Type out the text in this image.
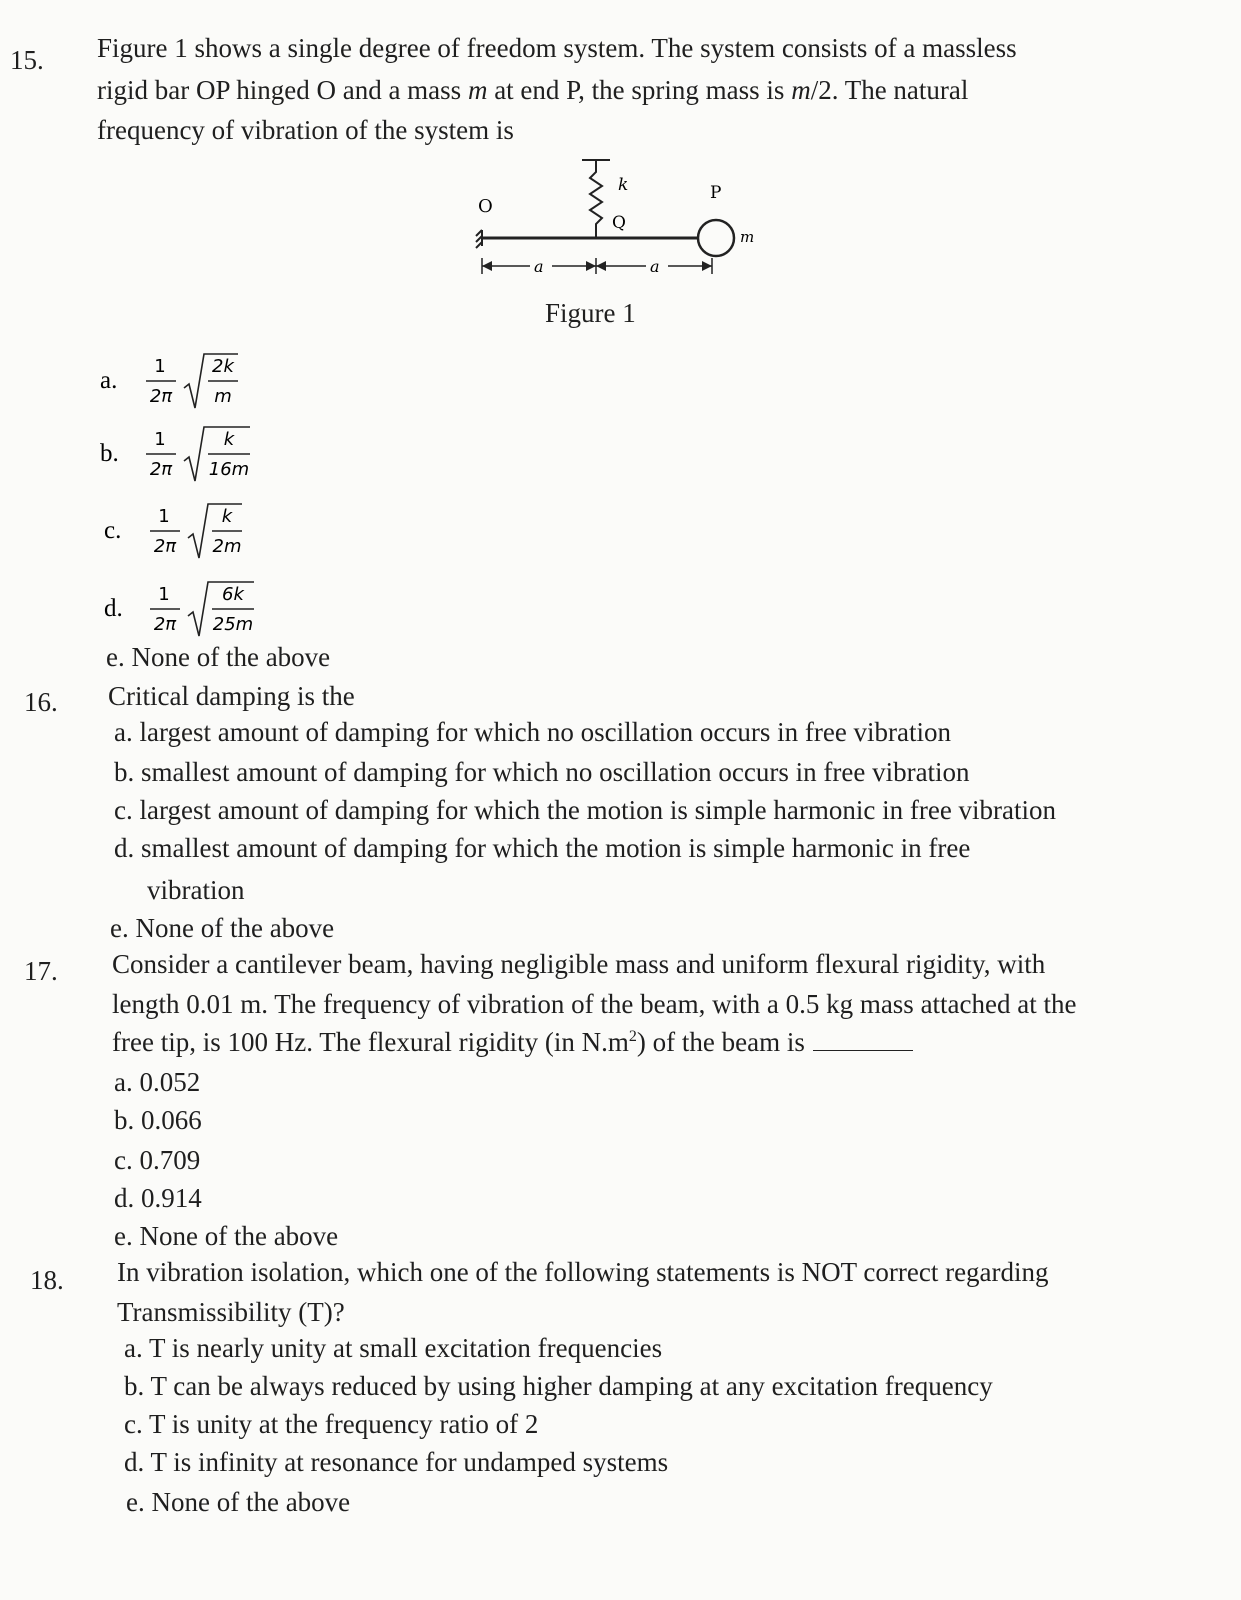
15. Figure 1 shows a single degree of freedom system. The system consists of a massless
rigid bar OP hinged O and a mass m at end P, the spring mass is m/2. The natural
frequency of vibration of the system is
O
k
Q
P
m
a	a
Figure 1
a.
1
2π
2k
m
b.
1
2π
k
16m
c.
1
2π
k
2m
d.
1
2π
6k
25m
e. None of the above
16. Critical damping is the
a. largest amount of damping for which no oscillation occurs in free vibration
b. smallest amount of damping for which no oscillation occurs in free vibration
c. largest amount of damping for which the motion is simple harmonic in free vibration
d. smallest amount of damping for which the motion is simple harmonic in free
vibration
e. None of the above
17. Consider a cantilever beam, having negligible mass and uniform flexural rigidity, with
length 0.01 m. The frequency of vibration of the beam, with a 0.5 kg mass attached at the
free tip, is 100 Hz. The flexural rigidity (in $N.m^2$) of the beam is
a. 0.052
b. 0.066
c. 0.709
d. 0.914
e. None of the above
18. In vibration isolation, which one of the following statements is NOT correct regarding
Transmissibility (T)?
a. T is nearly unity at small excitation frequencies
b. T can be always reduced by using higher damping at any excitation frequency
c. T is unity at the frequency ratio of 2
d. T is infinity at resonance for undamped systems
e. None of the above
